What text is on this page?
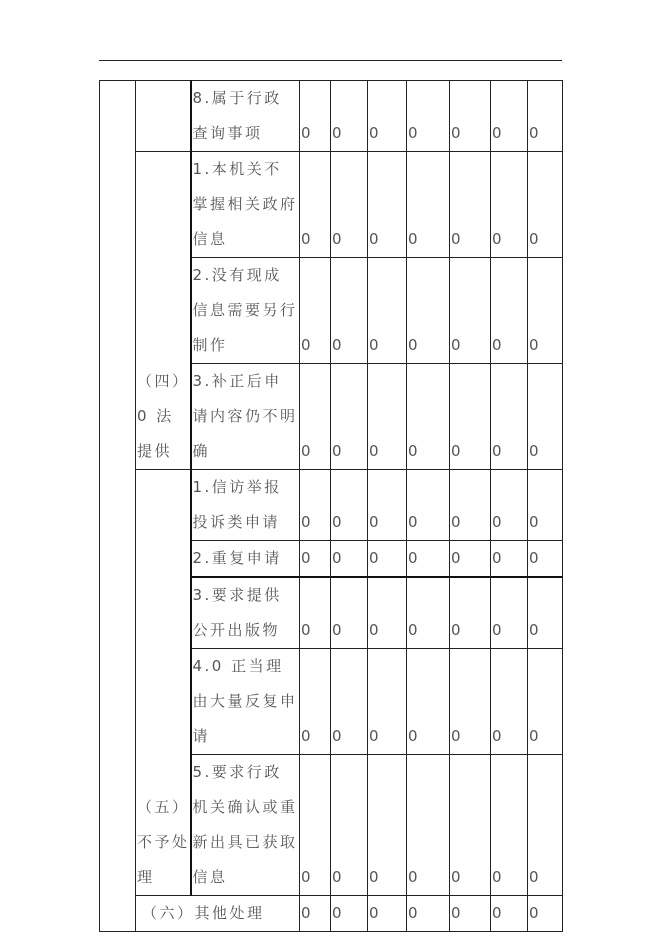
		8.属于行政查询事项	0	0	0	0	0	0	0
	（四）0 法提供	1.本机关不掌握相关政府信息	0	0	0	0	0	0	0
		2.没有现成信息需要另行制作	0	0	0	0	0	0	0
		3.补正后申请内容仍不明确	0	0	0	0	0	0	0
	（五）不予处理	1.信访举报投诉类申请	0	0	0	0	0	0	0
		2.重复申请	0	0	0	0	0	0	0
		3.要求提供公开出版物	0	0	0	0	0	0	0
		4.0 正当理由大量反复申请	0	0	0	0	0	0	0
		5.要求行政机关确认或重新出具已获取信息	0	0	0	0	0	0	0
	（六）其他处理		0	0	0	0	0	0	0
